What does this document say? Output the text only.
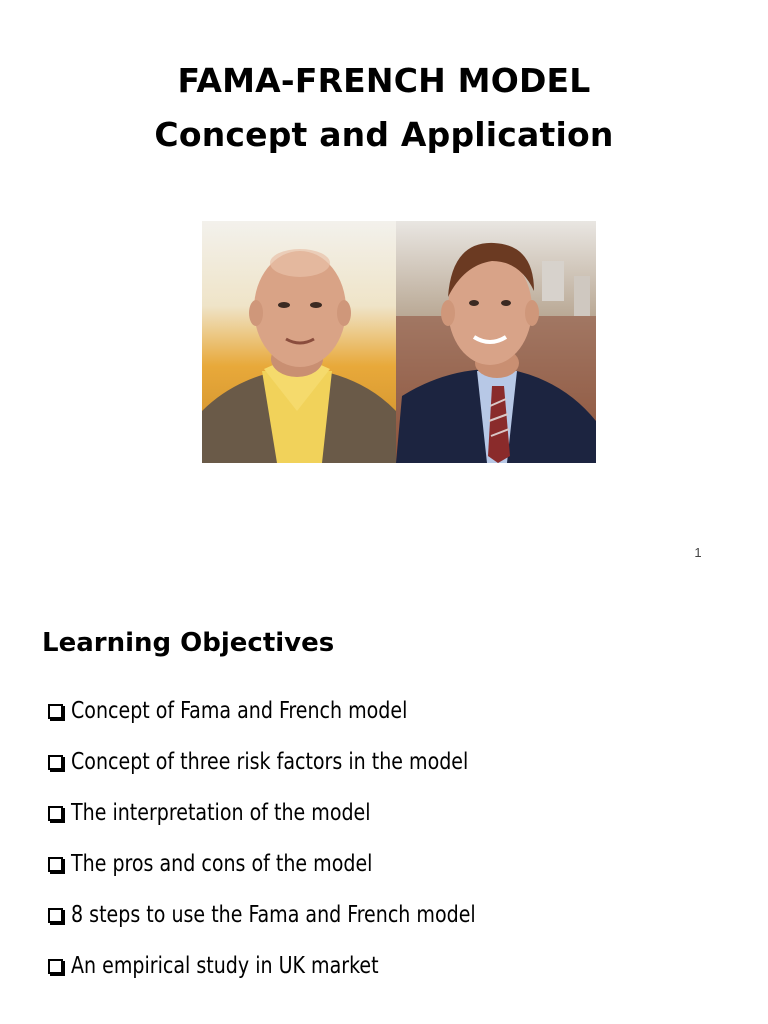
FAMA-FRENCH MODEL
Concept and Application
1
Learning Objectives
Concept of Fama and French model
Concept of three risk factors in the model
The interpretation of the model
The pros and cons of the model
8 steps to use the Fama and French model
An empirical study in UK market
